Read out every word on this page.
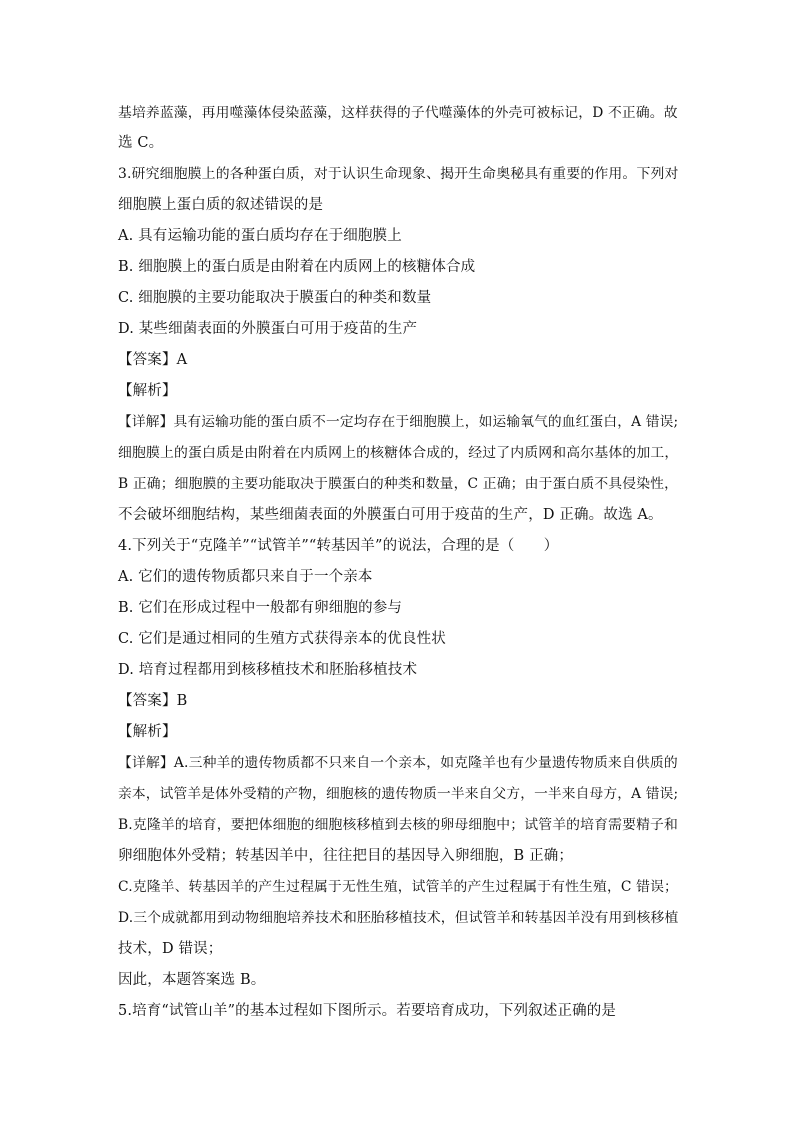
基培养蓝藻，再用噬藻体侵染蓝藻，这样获得的子代噬藻体的外壳可被标记，D 不正确。故
选 C。
3.研究细胞膜上的各种蛋白质，对于认识生命现象、揭开生命奥秘具有重要的作用。下列对
细胞膜上蛋白质的叙述错误的是
A. 具有运输功能的蛋白质均存在于细胞膜上
B. 细胞膜上的蛋白质是由附着在内质网上的核糖体合成
C. 细胞膜的主要功能取决于膜蛋白的种类和数量
D. 某些细菌表面的外膜蛋白可用于疫苗的生产
【答案】A
【解析】
【详解】具有运输功能的蛋白质不一定均存在于细胞膜上，如运输氧气的血红蛋白，A 错误;
细胞膜上的蛋白质是由附着在内质网上的核糖体合成的，经过了内质网和高尔基体的加工，
B 正确；细胞膜的主要功能取决于膜蛋白的种类和数量，C 正确；由于蛋白质不具侵染性，
不会破坏细胞结构，某些细菌表面的外膜蛋白可用于疫苗的生产，D 正确。故选 A。
4.下列关于“克隆羊”“试管羊”“转基因羊”的说法，合理的是（　　）
A. 它们的遗传物质都只来自于一个亲本
B. 它们在形成过程中一般都有卵细胞的参与
C. 它们是通过相同的生殖方式获得亲本的优良性状
D. 培育过程都用到核移植技术和胚胎移植技术
【答案】B
【解析】
【详解】A.三种羊的遗传物质都不只来自一个亲本，如克隆羊也有少量遗传物质来自供质的
亲本，试管羊是体外受精的产物，细胞核的遗传物质一半来自父方，一半来自母方，A 错误;
B.克隆羊的培育，要把体细胞的细胞核移植到去核的卵母细胞中；试管羊的培育需要精子和
卵细胞体外受精；转基因羊中，往往把目的基因导入卵细胞，B 正确；
C.克隆羊、转基因羊的产生过程属于无性生殖，试管羊的产生过程属于有性生殖，C 错误；
D.三个成就都用到动物细胞培养技术和胚胎移植技术，但试管羊和转基因羊没有用到核移植
技术，D 错误；
因此，本题答案选 B。
5.培育“试管山羊”的基本过程如下图所示。若要培育成功，下列叙述正确的是
